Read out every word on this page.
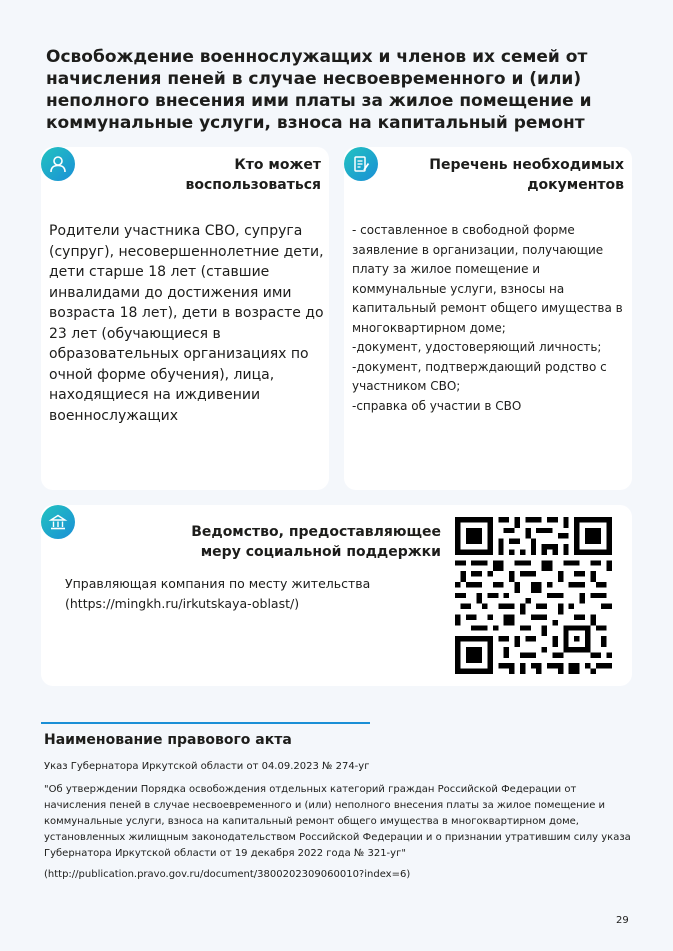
Освобождение военнослужащих и членов их семей от начисления пеней в случае несвоевременного и (или) неполного внесения ими платы за жилое помещение и коммунальные услуги, взноса на капитальный ремонт
Кто может воспользоваться
Родители участника СВО, супруга (супруг), несовершеннолетние дети, дети старше 18 лет (ставшие инвалидами до достижения ими возраста 18 лет), дети в возрасте до 23 лет (обучающиеся в образовательных организациях по очной форме обучения), лица, находящиеся на иждивении военнослужащих
Перечень необходимых документов
- составленное в свободной форме заявление в организации, получающие плату за жилое помещение и коммунальные услуги, взносы на капитальный ремонт общего имущества в многоквартирном доме;
-документ, удостоверяющий личность;
-документ, подтверждающий родство с участником СВО;
-справка об участии в СВО
Ведомство, предоставляющее меру социальной поддержки
Управляющая компания по месту жительства (https://mingkh.ru/irkutskaya-oblast/)
Наименование правового акта
Указ Губернатора Иркутской области от 04.09.2023 № 274-уг
"Об утверждении Порядка освобождения отдельных категорий граждан Российской Федерации от начисления пеней в случае несвоевременного и (или) неполного внесения платы за жилое помещение и коммунальные услуги, взноса на капитальный ремонт общего имущества в многоквартирном доме, установленных жилищным законодательством Российской Федерации и о признании утратившим силу указа Губернатора Иркутской области от 19 декабря 2022 года № 321-уг"
(http://publication.pravo.gov.ru/document/3800202309060010?index=6)
29
